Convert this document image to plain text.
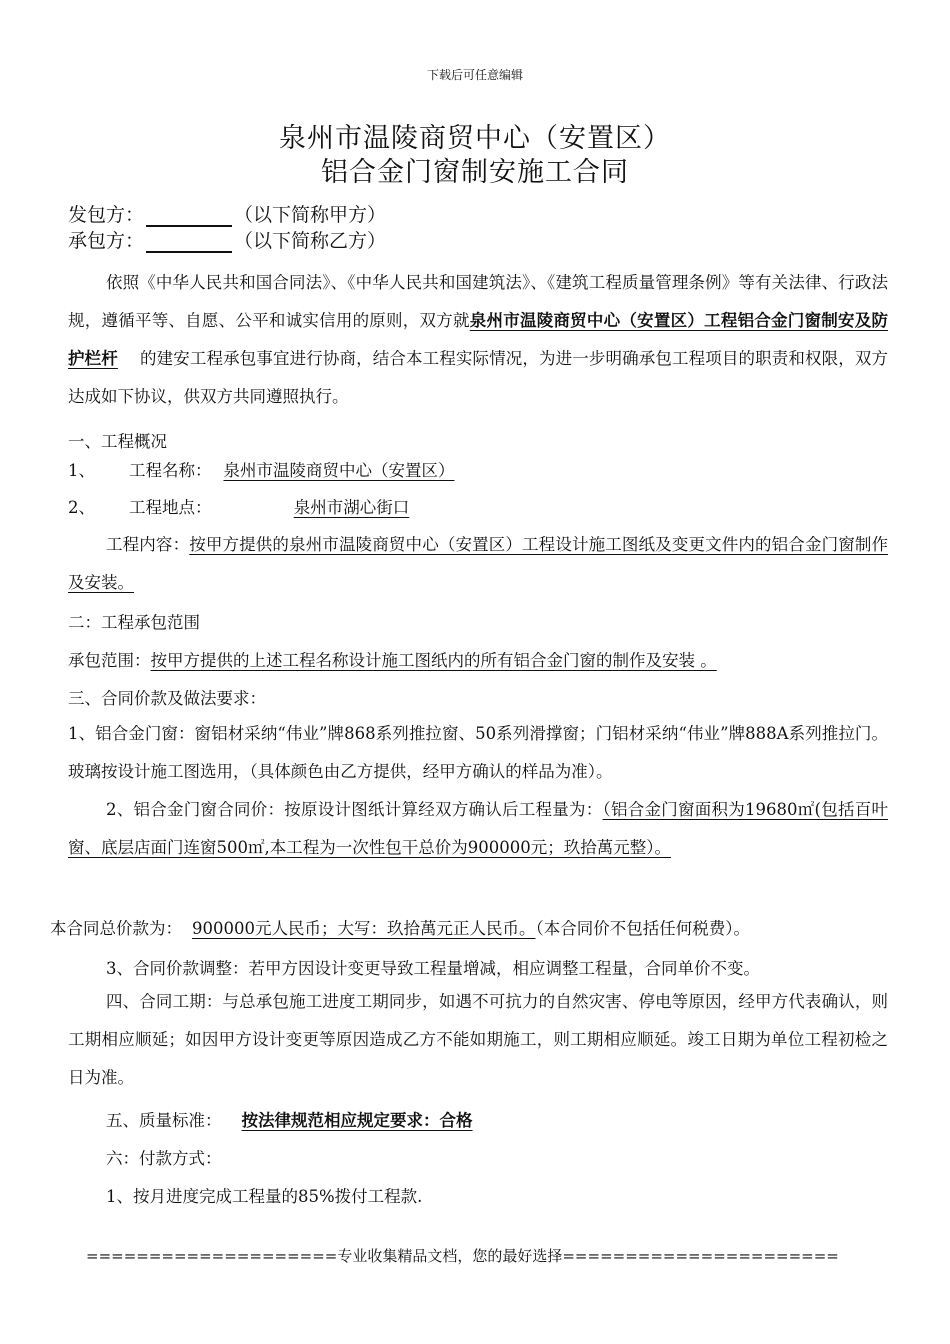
下载后可任意编辑
泉州市温陵商贸中心（安置区）
铝合金门窗制安施工合同
发包方：	（以下简称甲方）
承包方：	（以下简称乙方）

依照《中华人民共和国合同法》、《中华人民共和国建筑法》、《建筑工程质量管理条例》等有关法律、行政法规，遵循平等、自愿、公平和诚实信用的原则，双方就泉州市温陵商贸中心（安置区）工程铝合金门窗制安及防护栏杆 的建安工程承包事宜进行协商，结合本工程实际情况，为进一步明确承包工程项目的职责和权限，双方达成如下协议，供双方共同遵照执行。

一、工程概况
1、 工程名称： 泉州市温陵商贸中心（安置区）
2、 工程地点：	泉州市湖心街口

工程内容：按甲方提供的泉州市温陵商贸中心（安置区）工程设计施工图纸及变更文件内的铝合金门窗制作及安装。

二：工程承包范围
承包范围：按甲方提供的上述工程名称设计施工图纸内的所有铝合金门窗的制作及安装 。
三、合同价款及做法要求：

1、铝合金门窗：窗铝材采纳“伟业”牌868系列推拉窗、50系列滑撑窗；门铝材采纳“伟业”牌888A系列推拉门。玻璃按设计施工图选用，（具体颜色由乙方提供，经甲方确认的样品为准）。

2、铝合金门窗合同价：按原设计图纸计算经双方确认后工程量为：（铝合金门窗面积为19680㎡(包括百叶窗、底层店面门连窗500㎡,本工程为一次性包干总价为900000元；玖拾萬元整）。

本合同总价款为： 900000元人民币；大写：玖拾萬元正人民币。（本合同价不包括任何税费）。
3、合同价款调整：若甲方因设计变更导致工程量增减，相应调整工程量，合同单价不变。

四、合同工期：与总承包施工进度工期同步，如遇不可抗力的自然灾害、停电等原因，经甲方代表确认，则工期相应顺延；如因甲方设计变更等原因造成乙方不能如期施工，则工期相应顺延。竣工日期为单位工程初检之日为准。

五、质量标准： 按法律规范相应规定要求：合格
六：付款方式：
1、按月进度完成工程量的85%拨付工程款.
====================专业收集精品文档，您的最好选择======================
